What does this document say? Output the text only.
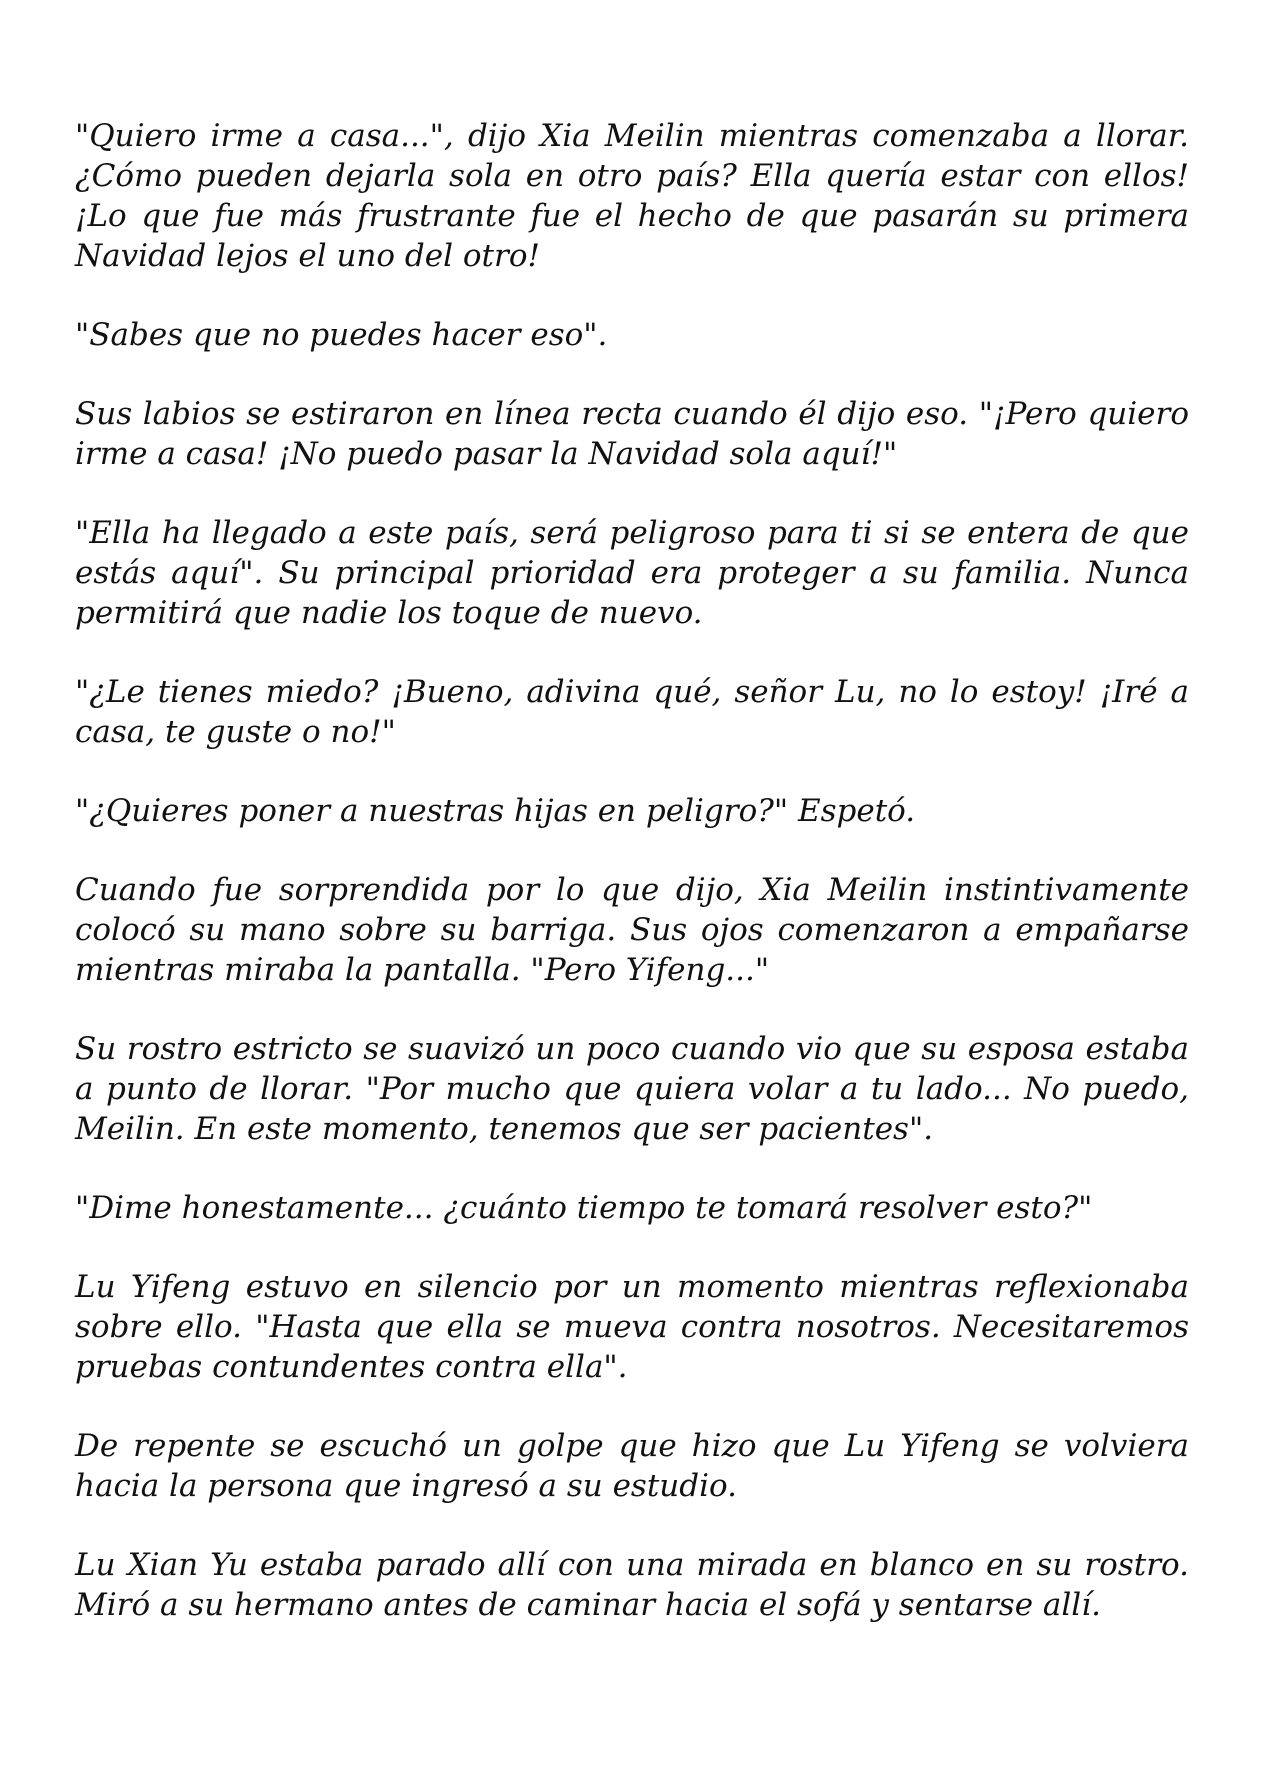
"Quiero irme a casa...", dijo Xia Meilin mientras comenzaba a llorar. ¿Cómo pueden dejarla sola en otro país? Ella quería estar con ellos! ¡Lo que fue más frustrante fue el hecho de que pasarán su primera Navidad lejos el uno del otro!

"Sabes que no puedes hacer eso".

Sus labios se estiraron en línea recta cuando él dijo eso. "¡Pero quiero irme a casa! ¡No puedo pasar la Navidad sola aquí!"

"Ella ha llegado a este país, será peligroso para ti si se entera de que estás aquí". Su principal prioridad era proteger a su familia. Nunca permitirá que nadie los toque de nuevo.

"¿Le tienes miedo? ¡Bueno, adivina qué, señor Lu, no lo estoy! ¡Iré a casa, te guste o no!"

"¿Quieres poner a nuestras hijas en peligro?" Espetó.

Cuando fue sorprendida por lo que dijo, Xia Meilin instintivamente colocó su mano sobre su barriga. Sus ojos comenzaron a empañarse mientras miraba la pantalla. "Pero Yifeng..."

Su rostro estricto se suavizó un poco cuando vio que su esposa estaba a punto de llorar. "Por mucho que quiera volar a tu lado... No puedo, Meilin. En este momento, tenemos que ser pacientes".

"Dime honestamente... ¿cuánto tiempo te tomará resolver esto?"

Lu Yifeng estuvo en silencio por un momento mientras reflexionaba sobre ello. "Hasta que ella se mueva contra nosotros. Necesitaremos pruebas contundentes contra ella".

De repente se escuchó un golpe que hizo que Lu Yifeng se volviera hacia la persona que ingresó a su estudio.

Lu Xian Yu estaba parado allí con una mirada en blanco en su rostro. Miró a su hermano antes de caminar hacia el sofá y sentarse allí.
